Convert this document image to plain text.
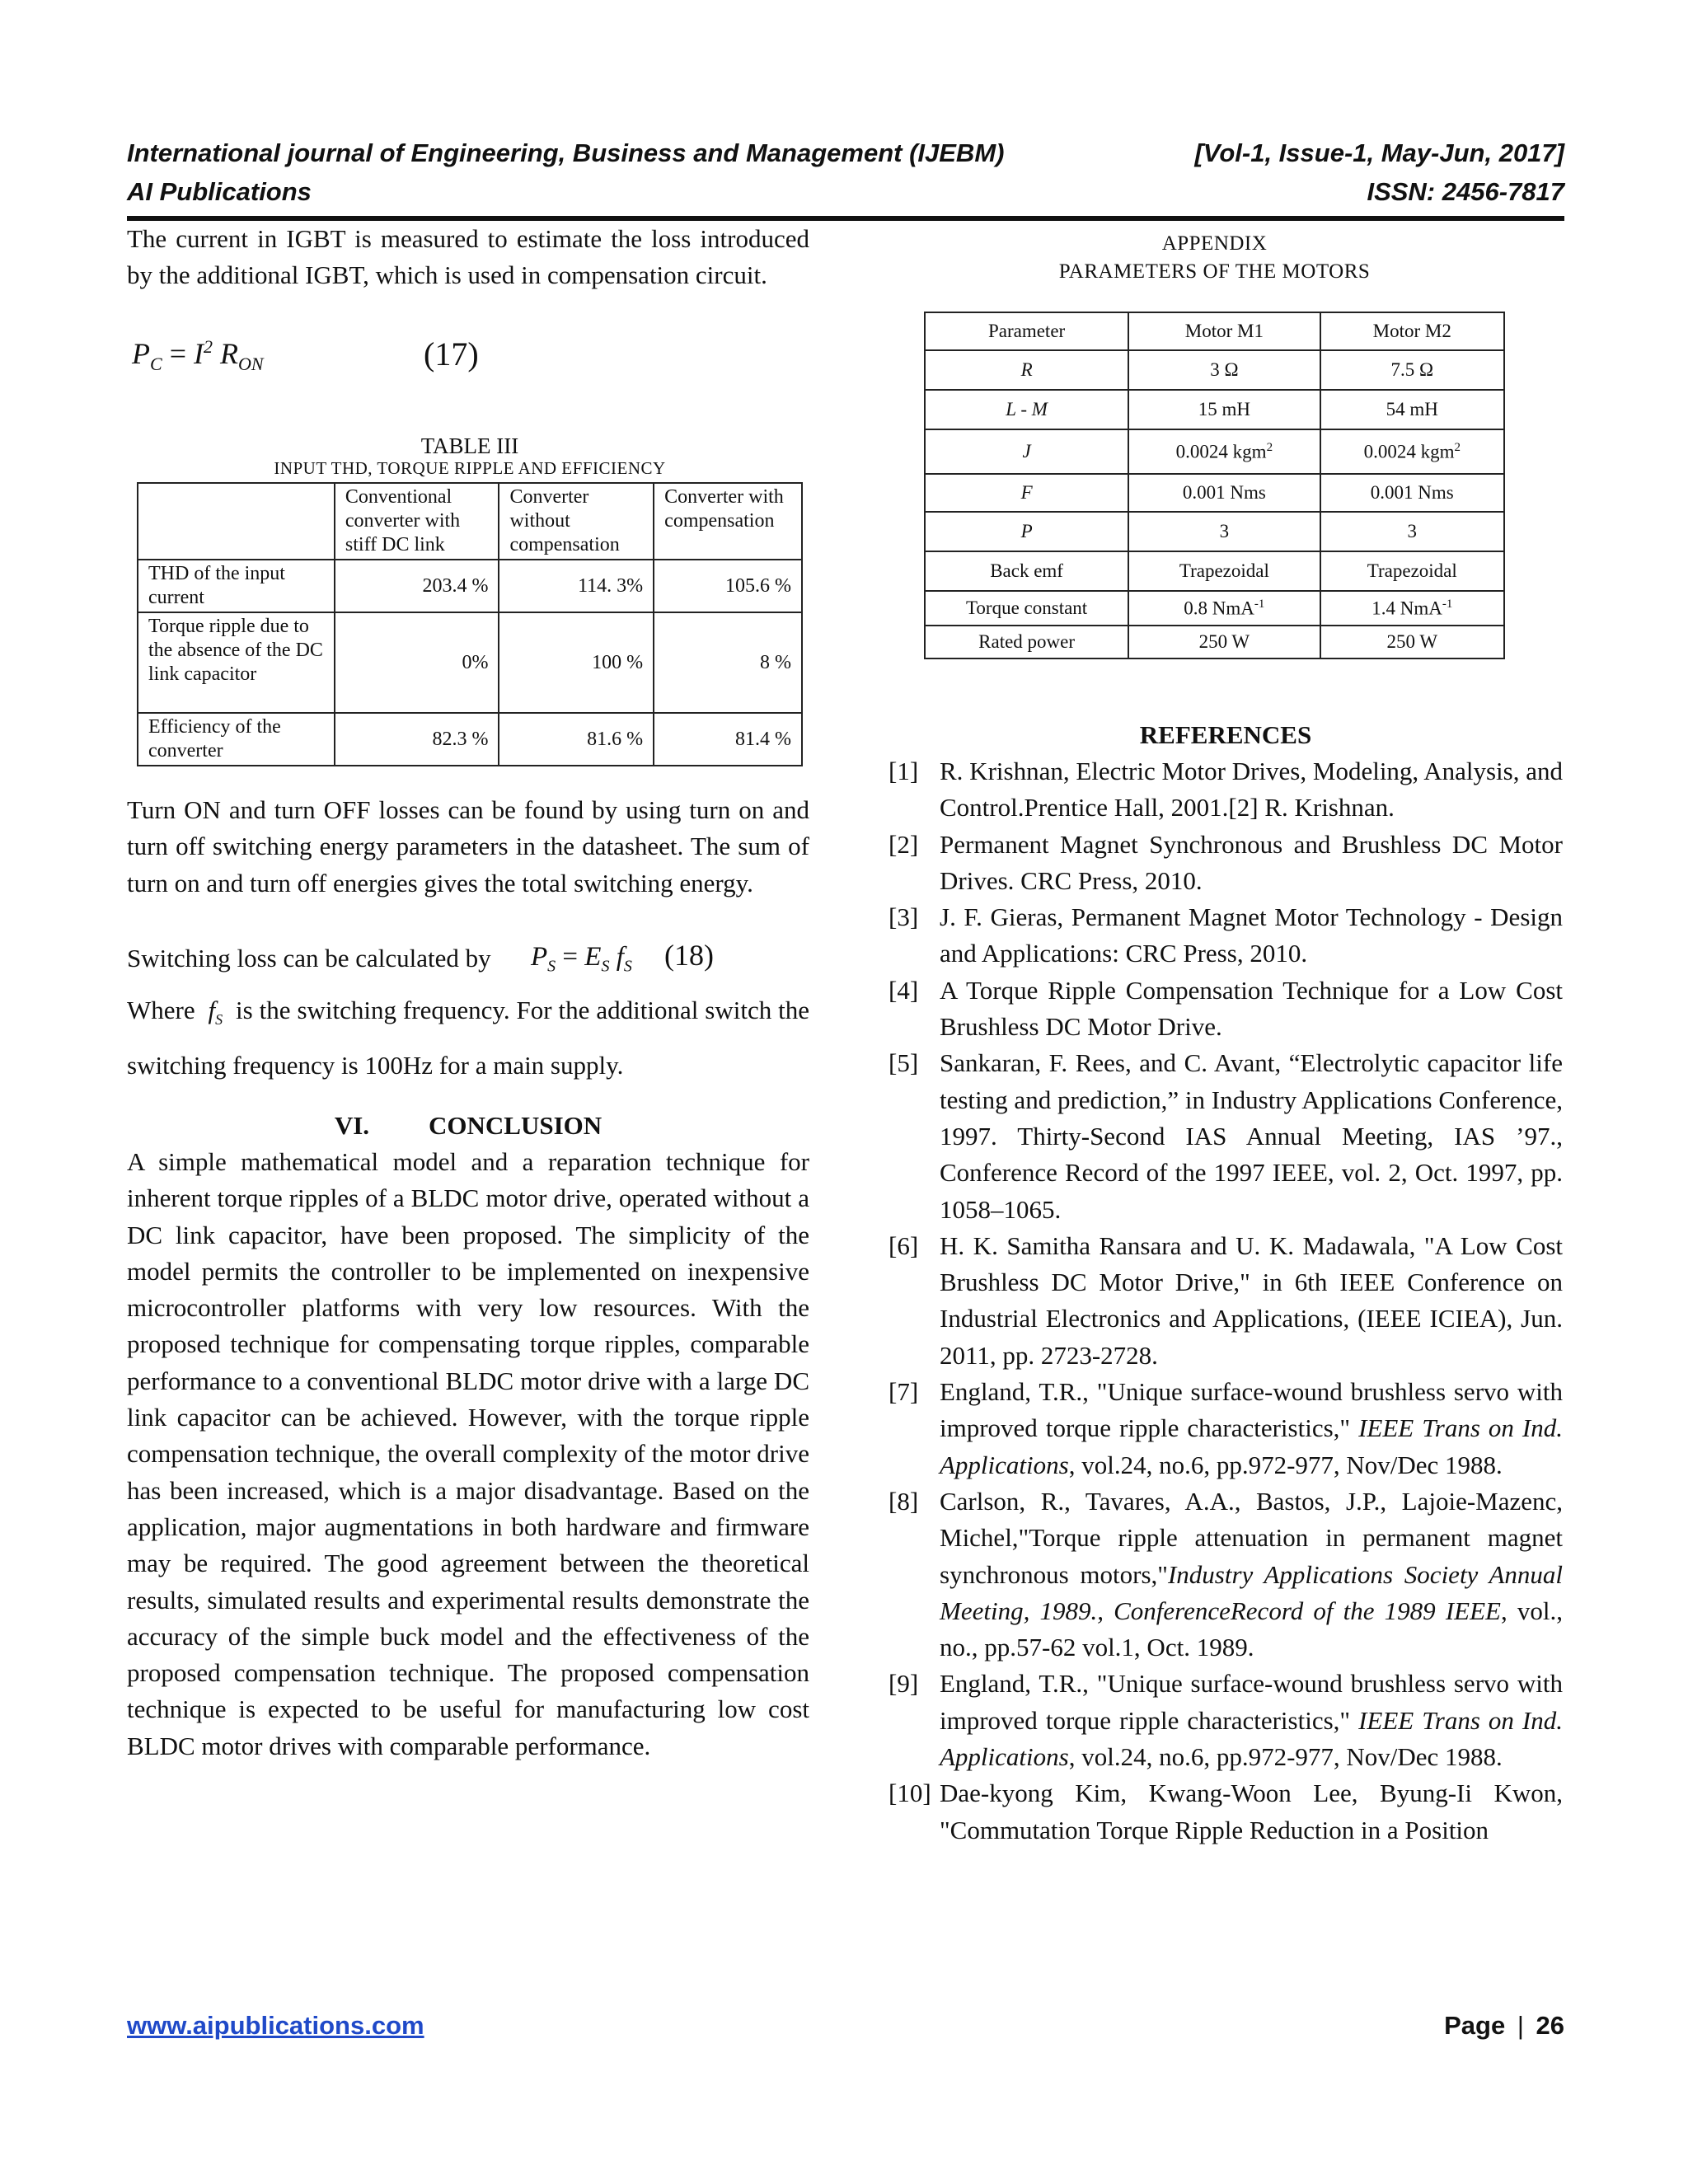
International journal of Engineering, Business and Management (IJEBM)	[Vol-1, Issue-1, May-Jun, 2017]
AI Publications	ISSN: 2456-7817

The current in IGBT is measured to estimate the loss introduced by the additional IGBT, which is used in compensation circuit.

$P_C = I^2$ $R_{ON}$	(17)
TABLE III
INPUT THD, TORQUE RIPPLE AND EFFICIENCY
	Conventional converter with stiff DC link	Converter without compensation	Converter with compensation
THD of the input current	203.4 %	114. 3%	105.6 %
Torque ripple due to the absence of the DC link capacitor	0%	100 %	8 %
Efficiency of the converter	82.3 %	81.6 %	81.4 %

Turn ON and turn OFF losses can be found by using turn on and turn off switching energy parameters in the datasheet. The sum of turn on and turn off energies gives the total switching energy.

Switching loss can be calculated by $P_S = E_S$ $f_S$ (18)

Where $f_S$ is the switching frequency. For the additional switch the switching frequency is 100Hz for a main supply.

VI. CONCLUSION

A simple mathematical model and a reparation technique for inherent torque ripples of a BLDC motor drive, operated without a DC link capacitor, have been proposed. The simplicity of the model permits the controller to be implemented on inexpensive microcontroller platforms with very low resources. With the proposed technique for compensating torque ripples, comparable performance to a conventional BLDC motor drive with a large DC link capacitor can be achieved. However, with the torque ripple compensation technique, the overall complexity of the motor drive has been increased, which is a major disadvantage. Based on the application, major augmentations in both hardware and firmware may be required. The good agreement between the theoretical results, simulated results and experimental results demonstrate the accuracy of the simple buck model and the effectiveness of the proposed compensation technique. The proposed compensation technique is expected to be useful for manufacturing low cost BLDC motor drives with comparable performance.

APPENDIX
PARAMETERS OF THE MOTORS
Parameter	Motor M1	Motor M2
R	3 Ω	7.5 Ω
L - M	15 mH	54 mH
J	0.0024 kgm$^2$	0.0024 kgm$^2$
F	0.001 Nms	0.001 Nms
P	3	3
Back emf	Trapezoidal	Trapezoidal
Torque constant	0.8 NmA$^{-1}$	1.4 NmA$^{-1}$
Rated power	250 W	250 W

REFERENCES

[1] R. Krishnan, Electric Motor Drives, Modeling, Analysis, and Control.Prentice Hall, 2001.[2] R. Krishnan.
[2] Permanent Magnet Synchronous and Brushless DC Motor Drives. CRC Press, 2010.
[3] J. F. Gieras, Permanent Magnet Motor Technology - Design and Applications: CRC Press, 2010.
[4] A Torque Ripple Compensation Technique for a Low Cost Brushless DC Motor Drive.
[5] Sankaran, F. Rees, and C. Avant, “Electrolytic capacitor life testing and prediction,” in Industry Applications Conference, 1997. Thirty-Second IAS Annual Meeting, IAS ’97., Conference Record of the 1997 IEEE, vol. 2, Oct. 1997, pp. 1058–1065.
[6] H. K. Samitha Ransara and U. K. Madawala, "A Low Cost Brushless DC Motor Drive," in 6th IEEE Conference on Industrial Electronics and Applications, (IEEE ICIEA), Jun. 2011, pp. 2723-2728.
[7] England, T.R., "Unique surface-wound brushless servo with improved torque ripple characteristics," IEEE Trans on Ind. Applications, vol.24, no.6, pp.972-977, Nov/Dec 1988.
[8] Carlson, R., Tavares, A.A., Bastos, J.P., Lajoie-Mazenc, Michel,"Torque ripple attenuation in permanent magnet synchronous motors,"Industry Applications Society Annual Meeting, 1989., ConferenceRecord of the 1989 IEEE, vol., no., pp.57-62 vol.1, Oct. 1989.
[9] England, T.R., "Unique surface-wound brushless servo with improved torque ripple characteristics," IEEE Trans on Ind. Applications, vol.24, no.6, pp.972-977, Nov/Dec 1988.
[10] Dae-kyong Kim, Kwang-Woon Lee, Byung-Ii Kwon, "Commutation Torque Ripple Reduction in a Position
www.aipublications.com	Page | 26
